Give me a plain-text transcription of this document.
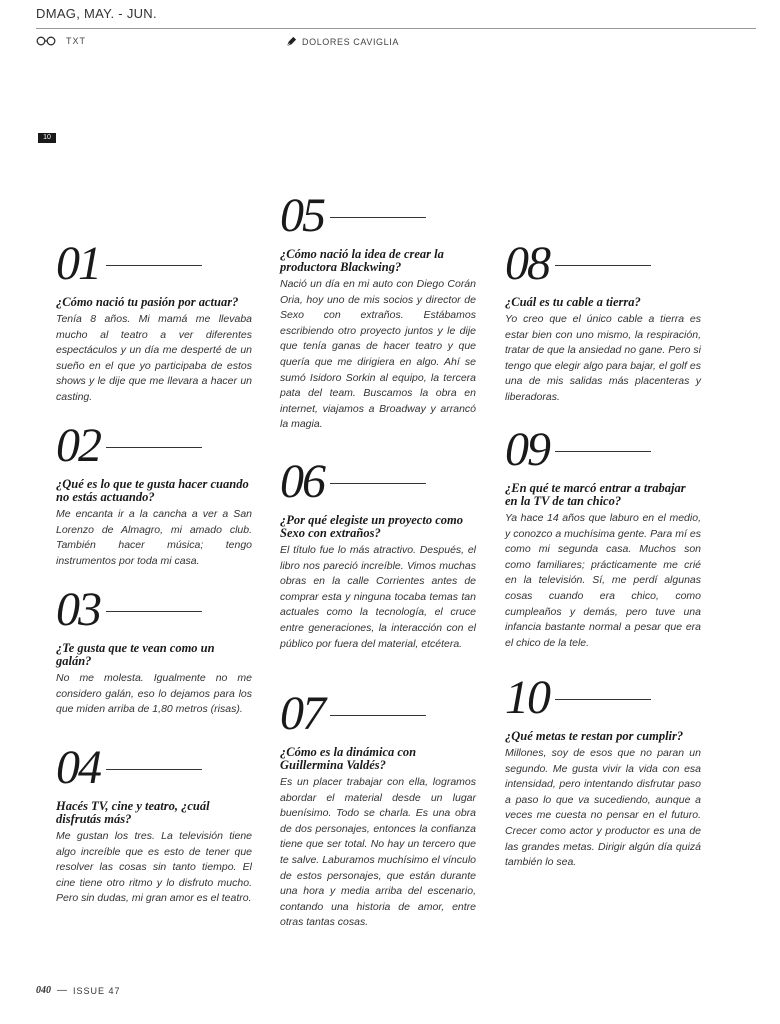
DMAG, MAY. - JUN.
TXT	DOLORES CAVIGLIA
10
01
¿Cómo nació tu pasión por actuar?
Tenía 8 años. Mi mamá me llevaba mucho al teatro a ver diferentes espectáculos y un día me desperté de un sueño en el que yo participaba de estos shows y le dije que me llevara a hacer un casting.
02
¿Qué es lo que te gusta hacer cuando no estás actuando?
Me encanta ir a la cancha a ver a San Lorenzo de Almagro, mi amado club. También hacer música; tengo instrumentos por toda mi casa.
03
¿Te gusta que te vean como un galán?
No me molesta. Igualmente no me considero galán, eso lo dejamos para los que miden arriba de 1,80 metros (risas).
04
Hacés TV, cine y teatro, ¿cuál disfrutás más?
Me gustan los tres. La televisión tiene algo increíble que es esto de tener que resolver las cosas sin tanto tiempo. El cine tiene otro ritmo y lo disfruto mucho. Pero sin dudas, mi gran amor es el teatro.
05
¿Cómo nació la idea de crear la productora Blackwing?
Nació un día en mi auto con Diego Corán Oria, hoy uno de mis socios y director de Sexo con extraños. Estábamos escribiendo otro proyecto juntos y le dije que tenía ganas de hacer teatro y que quería que me dirigiera en algo. Ahí se sumó Isidoro Sorkin al equipo, la tercera pata del team. Buscamos la obra en internet, viajamos a Broadway y arrancó la magia.
06
¿Por qué elegiste un proyecto como Sexo con extraños?
El título fue lo más atractivo. Después, el libro nos pareció increíble. Vimos muchas obras en la calle Corrientes antes de comprar esta y ninguna tocaba temas tan actuales como la tecnología, el cruce entre generaciones, la interacción con el público por fuera del material, etcétera.
07
¿Cómo es la dinámica con Guillermina Valdés?
Es un placer trabajar con ella, logramos abordar el material desde un lugar buenísimo. Todo se charla. Es una obra de dos personajes, entonces la confianza tiene que ser total. No hay un tercero que te salve. Laburamos muchísimo el vínculo de estos personajes, que están durante una hora y media arriba del escenario, contando una historia de amor, entre otras tantas cosas.
08
¿Cuál es tu cable a tierra?
Yo creo que el único cable a tierra es estar bien con uno mismo, la respiración, tratar de que la ansiedad no gane. Pero si tengo que elegir algo para bajar, el golf es una de mis salidas más placenteras y liberadoras.
09
¿En qué te marcó entrar a trabajar en la TV de tan chico?
Ya hace 14 años que laburo en el medio, y conozco a muchísima gente. Para mí es como mi segunda casa. Muchos son como familiares; prácticamente me crié en la televisión. Sí, me perdí algunas cosas cuando era chico, como cumpleaños y demás, pero tuve una infancia bastante normal a pesar que era el chico de la tele.
10
¿Qué metas te restan por cumplir?
Millones, soy de esos que no paran un segundo. Me gusta vivir la vida con esa intensidad, pero intentando disfrutar paso a paso lo que va sucediendo, aunque a veces me cuesta no pensar en el futuro. Crecer como actor y productor es una de las grandes metas. Dirigir algún día quizá también lo sea.
040 — ISSUE 47
